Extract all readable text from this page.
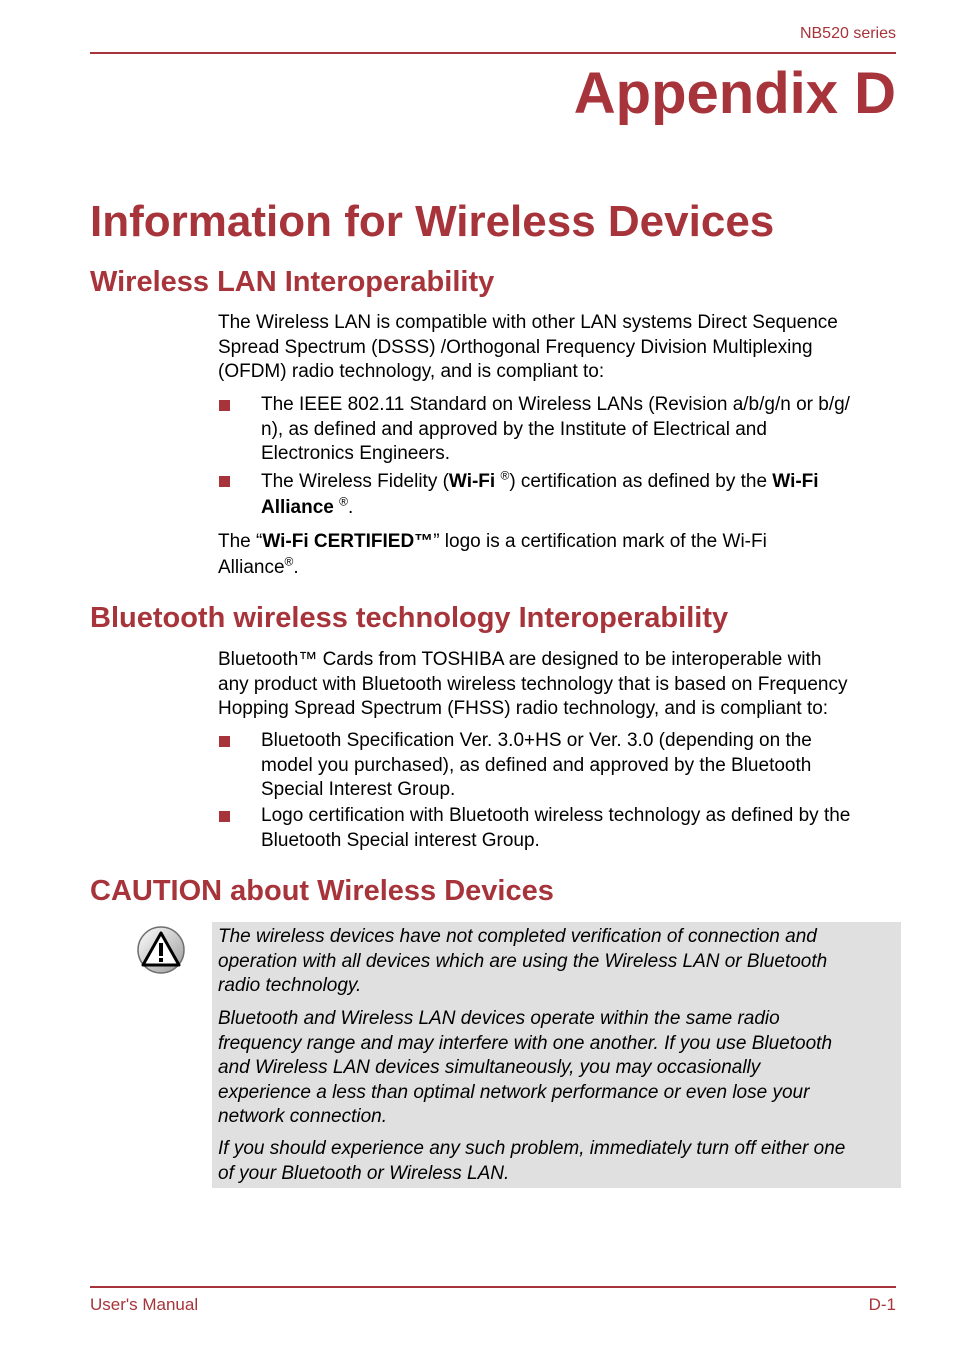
NB520 series
Appendix D
Information for Wireless Devices
Wireless LAN Interoperability

The Wireless LAN is compatible with other LAN systems Direct Sequence
Spread Spectrum (DSSS) /Orthogonal Frequency Division Multiplexing
(OFDM) radio technology, and is compliant to:

The IEEE 802.11 Standard on Wireless LANs (Revision a/b/g/n or b/g/
n), as defined and approved by the Institute of Electrical and
Electronics Engineers.
The Wireless Fidelity (Wi-Fi ®) certification as defined by the Wi-Fi
Alliance ®.

The “Wi-Fi CERTIFIED™” logo is a certification mark of the Wi-Fi
Alliance®.

Bluetooth wireless technology Interoperability

Bluetooth™ Cards from TOSHIBA are designed to be interoperable with
any product with Bluetooth wireless technology that is based on Frequency
Hopping Spread Spectrum (FHSS) radio technology, and is compliant to:

Bluetooth Specification Ver. 3.0+HS or Ver. 3.0 (depending on the
model you purchased), as defined and approved by the Bluetooth
Special Interest Group.
Logo certification with Bluetooth wireless technology as defined by the
Bluetooth Special interest Group.
CAUTION about Wireless Devices

The wireless devices have not completed verification of connection and
operation with all devices which are using the Wireless LAN or Bluetooth
radio technology.

Bluetooth and Wireless LAN devices operate within the same radio
frequency range and may interfere with one another. If you use Bluetooth
and Wireless LAN devices simultaneously, you may occasionally
experience a less than optimal network performance or even lose your
network connection.

If you should experience any such problem, immediately turn off either one
of your Bluetooth or Wireless LAN.

User's Manual	D-1
